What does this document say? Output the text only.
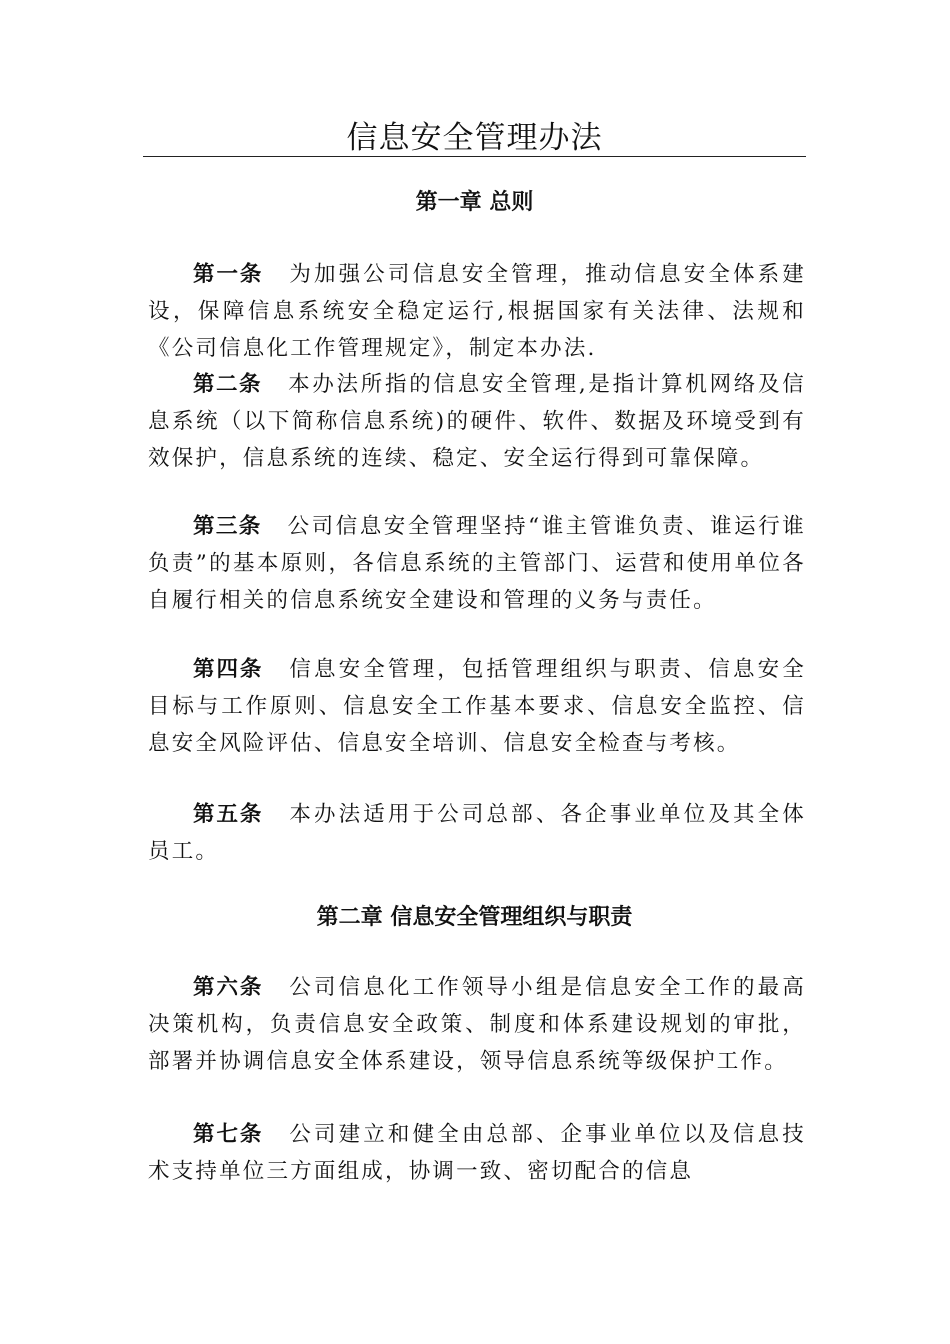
信息安全管理办法
第一章 总则

第一条 为加强公司信息安全管理，推动信息安全体系建设，保障信息系统安全稳定运行,根据国家有关法律、法规和《公司信息化工作管理规定》，制定本办法.

第二条 本办法所指的信息安全管理,是指计算机网络及信息系统（以下简称信息系统)的硬件、软件、数据及环境受到有效保护，信息系统的连续、稳定、安全运行得到可靠保障。

第三条 公司信息安全管理坚持“谁主管谁负责、谁运行谁负责”的基本原则，各信息系统的主管部门、运营和使用单位各自履行相关的信息系统安全建设和管理的义务与责任。

第四条 信息安全管理，包括管理组织与职责、信息安全目标与工作原则、信息安全工作基本要求、信息安全监控、信息安全风险评估、信息安全培训、信息安全检查与考核。

第五条 本办法适用于公司总部、各企事业单位及其全体员工。

第二章 信息安全管理组织与职责

第六条 公司信息化工作领导小组是信息安全工作的最高决策机构，负责信息安全政策、制度和体系建设规划的审批，部署并协调信息安全体系建设，领导信息系统等级保护工作。

第七条 公司建立和健全由总部、企事业单位以及信息技术支持单位三方面组成，协调一致、密切配合的信息
